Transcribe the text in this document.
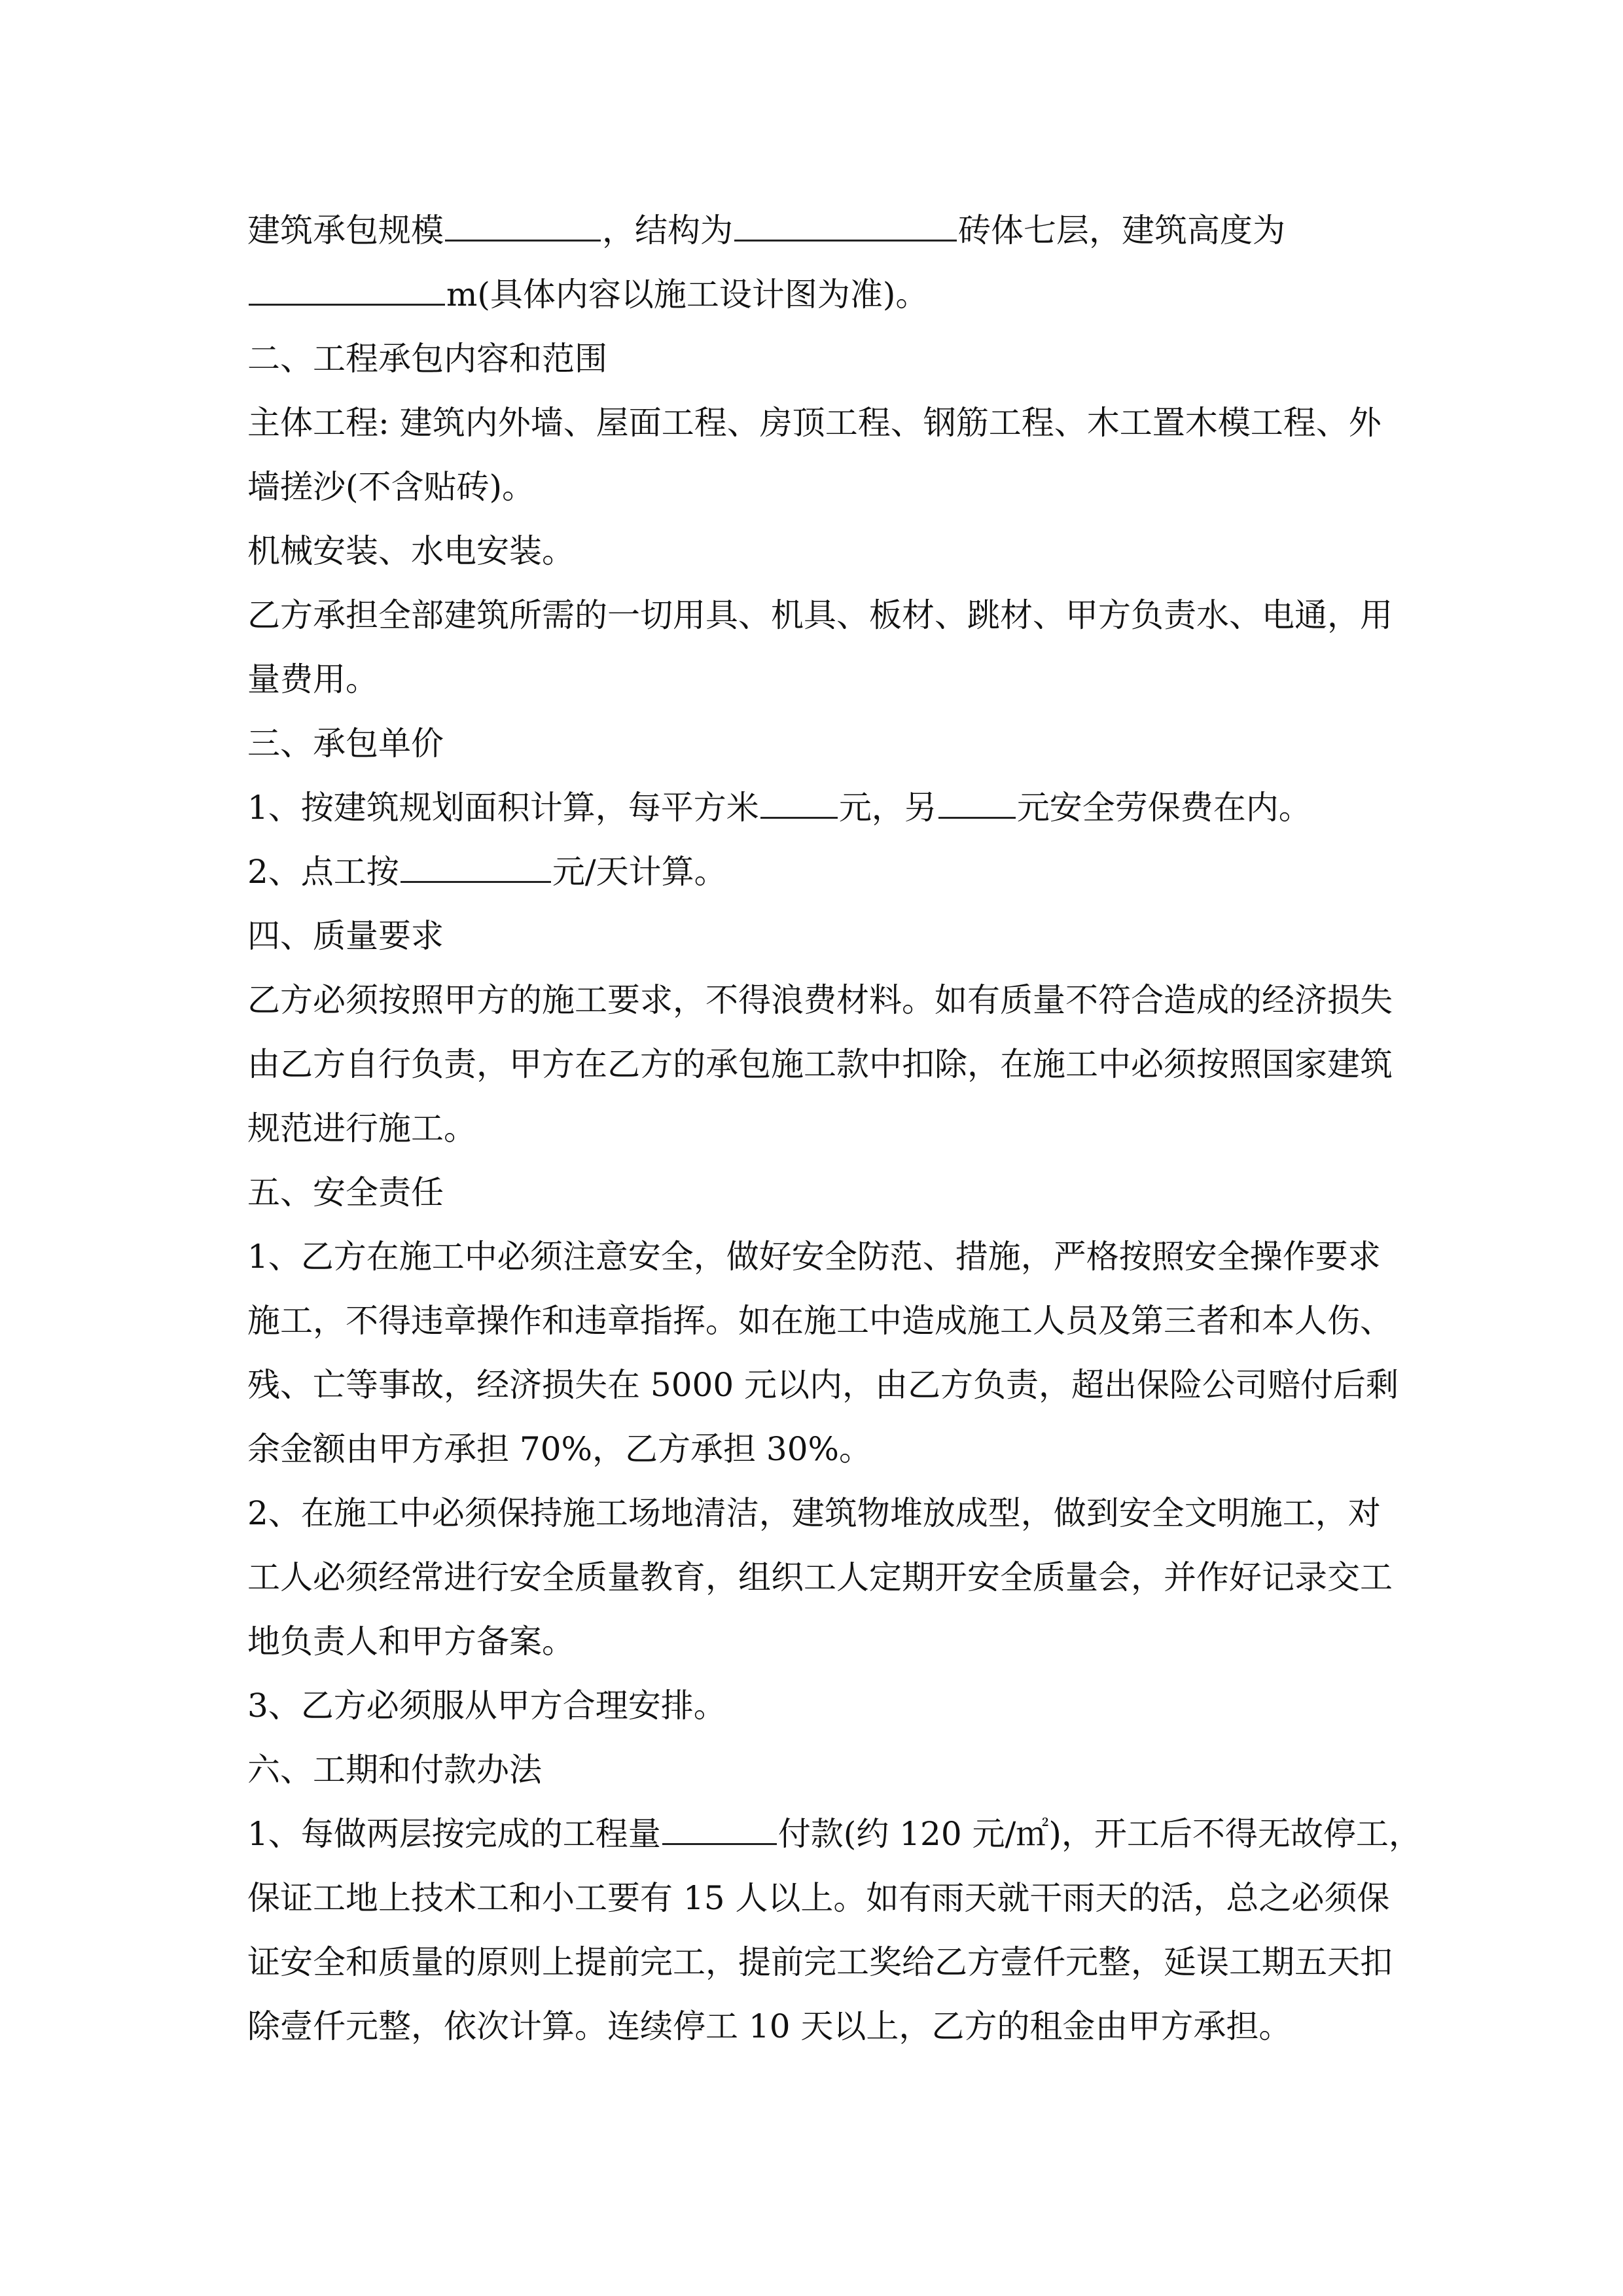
建筑承包规模	，结构为	砖体七层，建筑高度为
m(具体内容以施工设计图为准)。
二、工程承包内容和范围
主体工程: 建筑内外墙、屋面工程、房顶工程、钢筋工程、木工置木模工程、外
墙搓沙(不含贴砖)。
机械安装、水电安装。
乙方承担全部建筑所需的一切用具、机具、板材、跳材、甲方负责水、电通，用
量费用。
三、承包单价
1、按建筑规划面积计算，每平方米 元，另 元安全劳保费在内。
2、点工按	元/天计算。
四、质量要求
乙方必须按照甲方的施工要求，不得浪费材料。如有质量不符合造成的经济损失
由乙方自行负责，甲方在乙方的承包施工款中扣除，在施工中必须按照国家建筑
规范进行施工。
五、安全责任
1、乙方在施工中必须注意安全，做好安全防范、措施，严格按照安全操作要求
施工，不得违章操作和违章指挥。如在施工中造成施工人员及第三者和本人伤、
残、亡等事故，经济损失在 5000 元以内，由乙方负责，超出保险公司赔付后剩
余金额由甲方承担 70%，乙方承担 30%。
2、在施工中必须保持施工场地清洁，建筑物堆放成型，做到安全文明施工，对
工人必须经常进行安全质量教育，组织工人定期开安全质量会，并作好记录交工
地负责人和甲方备案。
3、乙方必须服从甲方合理安排。
六、工期和付款办法
1、每做两层按完成的工程量	付款(约 120 元/㎡)，开工后不得无故停工，
保证工地上技术工和小工要有 15 人以上。如有雨天就干雨天的活，总之必须保
证安全和质量的原则上提前完工，提前完工奖给乙方壹仟元整，延误工期五天扣
除壹仟元整，依次计算。连续停工 10 天以上，乙方的租金由甲方承担。
